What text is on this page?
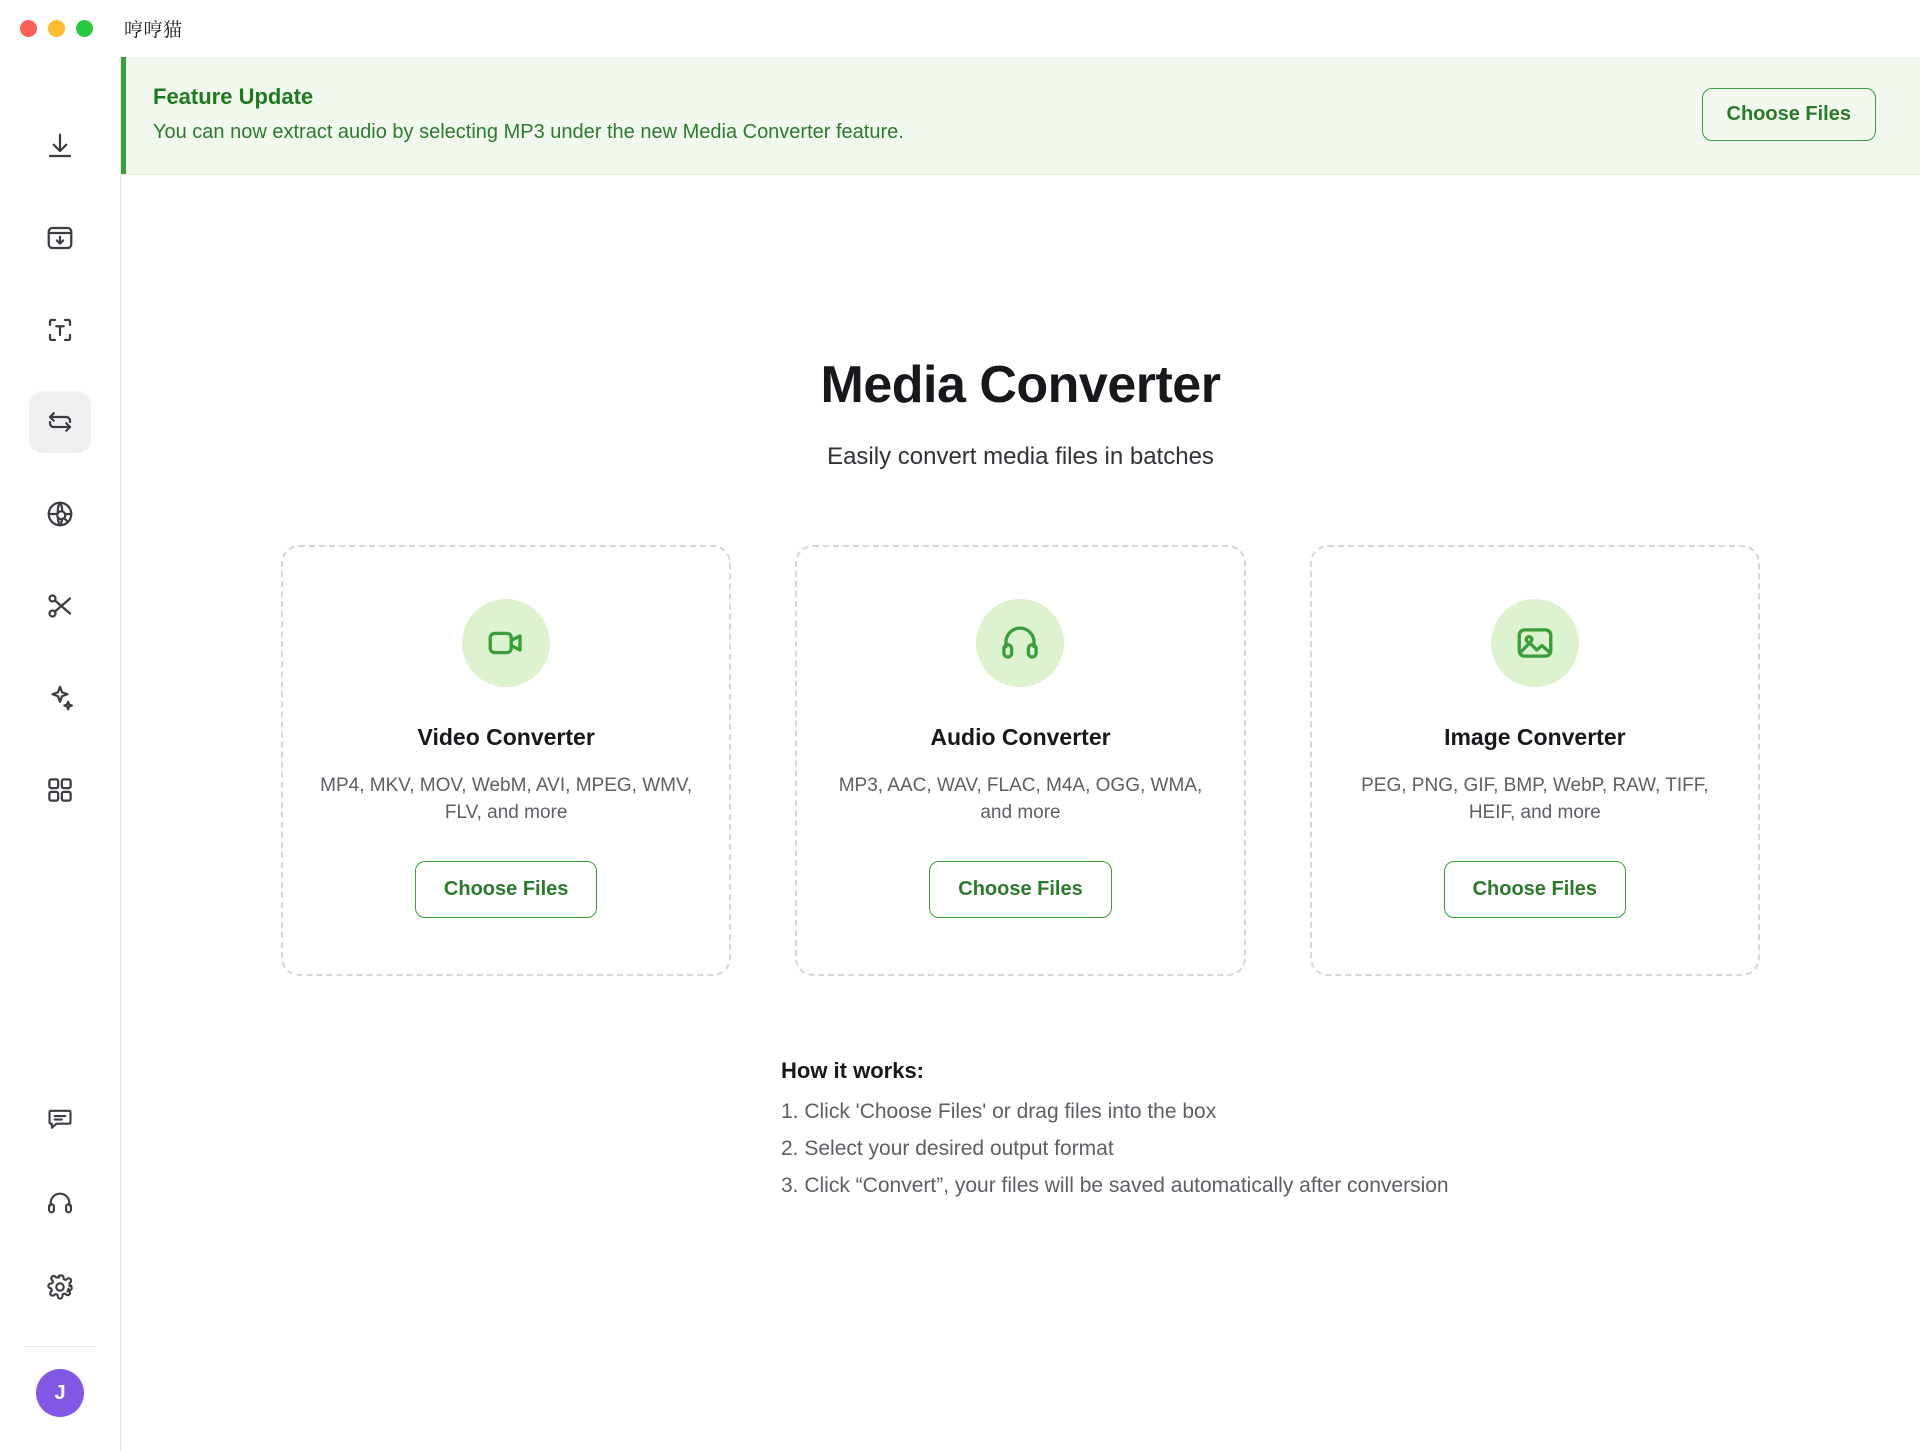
哼哼猫
J
Feature Update
You can now extract audio by selecting MP3 under the new Media Converter feature.
Choose Files
Media Converter
Easily convert media files in batches
Video Converter
MP4, MKV, MOV, WebM, AVI, MPEG, WMV, FLV, and more
Choose Files
Audio Converter
MP3, AAC, WAV, FLAC, M4A, OGG, WMA, and more
Choose Files
Image Converter
PEG, PNG, GIF, BMP, WebP, RAW, TIFF, HEIF, and more
Choose Files
How it works:
1. Click 'Choose Files' or drag files into the box
2. Select your desired output format
3. Click “Convert”, your files will be saved automatically after conversion
